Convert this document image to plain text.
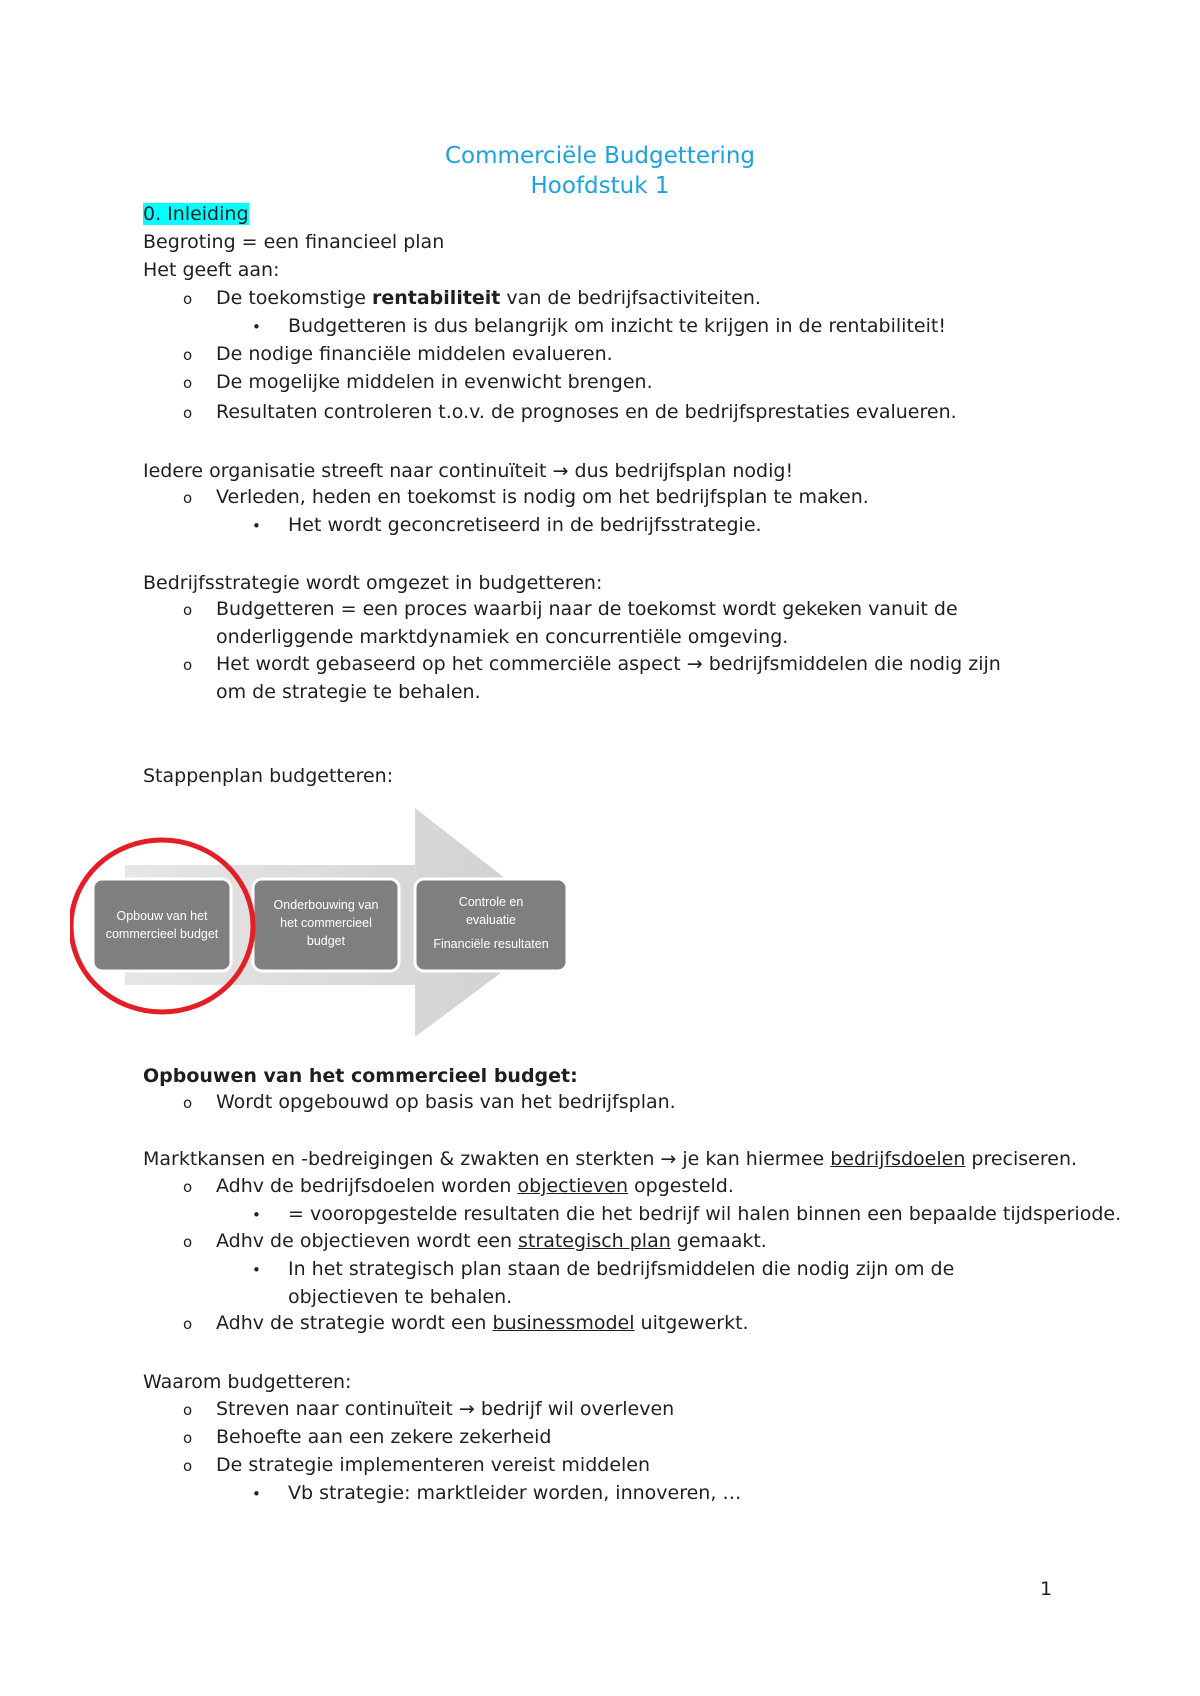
Commerciële Budgettering
Hoofdstuk 1
0. Inleiding
Begroting = een financieel plan
Het geeft aan:
o De toekomstige rentabiliteit van de bedrijfsactiviteiten.
• Budgetteren is dus belangrijk om inzicht te krijgen in de rentabiliteit!
o De nodige financiële middelen evalueren.
o De mogelijke middelen in evenwicht brengen.
o Resultaten controleren t.o.v. de prognoses en de bedrijfsprestaties evalueren.
Iedere organisatie streeft naar continuïteit → dus bedrijfsplan nodig!
o Verleden, heden en toekomst is nodig om het bedrijfsplan te maken.
• Het wordt geconcretiseerd in de bedrijfsstrategie.
Bedrijfsstrategie wordt omgezet in budgetteren:
o Budgetteren = een proces waarbij naar de toekomst wordt gekeken vanuit de
onderliggende marktdynamiek en concurrentiële omgeving.
o Het wordt gebaseerd op het commerciële aspect → bedrijfsmiddelen die nodig zijn
om de strategie te behalen.
Stappenplan budgetteren:
Opbouw van het
commercieel budget
Onderbouwing van
het commercieel
budget
Controle en
evaluatie
Financiële resultaten
Opbouwen van het commercieel budget:
o Wordt opgebouwd op basis van het bedrijfsplan.
Marktkansen en -bedreigingen & zwakten en sterkten → je kan hiermee bedrijfsdoelen preciseren.
o Adhv de bedrijfsdoelen worden objectieven opgesteld.
• = vooropgestelde resultaten die het bedrijf wil halen binnen een bepaalde tijdsperiode.
o Adhv de objectieven wordt een strategisch plan gemaakt.
• In het strategisch plan staan de bedrijfsmiddelen die nodig zijn om de
objectieven te behalen.
o Adhv de strategie wordt een businessmodel uitgewerkt.
Waarom budgetteren:
o Streven naar continuïteit → bedrijf wil overleven
o Behoefte aan een zekere zekerheid
o De strategie implementeren vereist middelen
• Vb strategie: marktleider worden, innoveren, …
1
